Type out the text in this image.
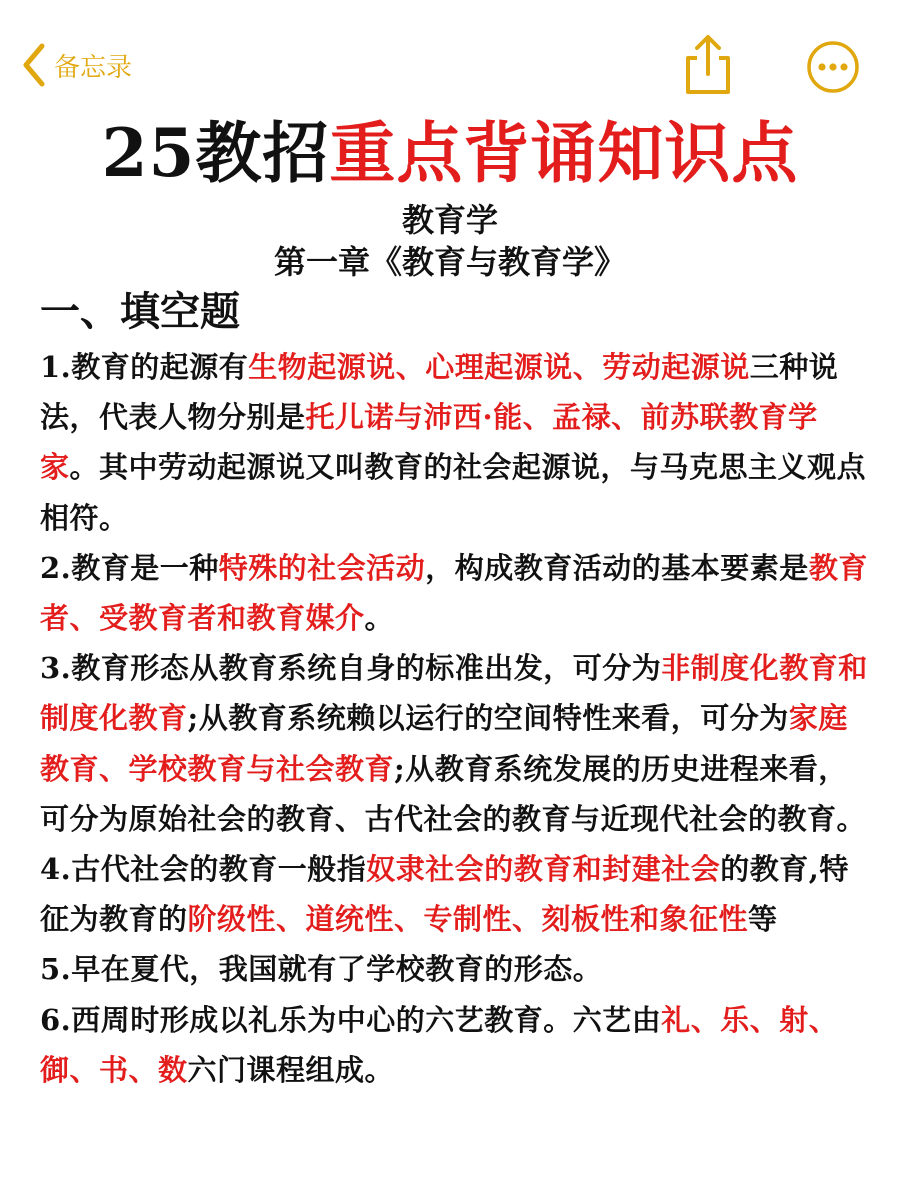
备忘录
25教招重点背诵知识点
教育学
第一章《教育与教育学》
一、填空题

1.教育的起源有生物起源说、心理起源说、劳动起源说三种说法，代表人物分别是托儿诺与沛西·能、孟禄、前苏联教育学家。其中劳动起源说又叫教育的社会起源说，与马克思主义观点相符。

2.教育是一种特殊的社会活动，构成教育活动的基本要素是教育者、受教育者和教育媒介。

3.教育形态从教育系统自身的标准出发，可分为非制度化教育和制度化教育;从教育系统赖以运行的空间特性来看，可分为家庭教育、学校教育与社会教育;从教育系统发展的历史进程来看，可分为原始社会的教育、古代社会的教育与近现代社会的教育。

4.古代社会的教育一般指奴隶社会的教育和封建社会的教育,特征为教育的阶级性、道统性、专制性、刻板性和象征性等

5.早在夏代，我国就有了学校教育的形态。

6.西周时形成以礼乐为中心的六艺教育。六艺由礼、乐、射、御、书、数六门课程组成。
